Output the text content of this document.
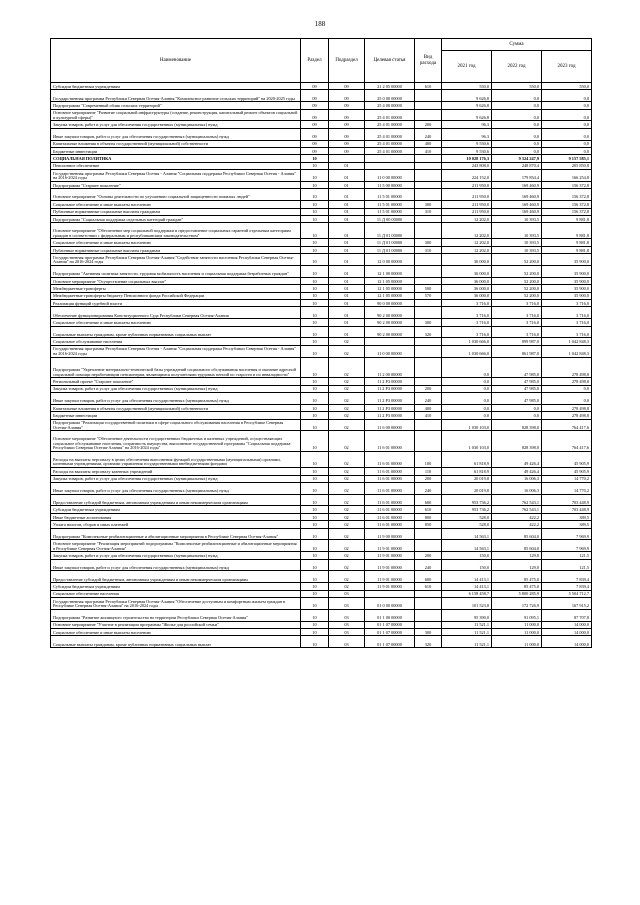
188
Наименование	Раздел	Подраздел	Целевая статья	Вид расхода	Сумма		
					2021 год	2022 год	2023 год
Субсидии бюджетным учреждениям	09	09	21 2 05 00000	610	550,0	550,0	550,0
Государственная программа Республики Северная Осетия-Алания "Комплексное развитие сельских территорий" на 2020-2025 годы	09	09	25 0 00 00000		9 626,8	0,0	0,0
Подпрограмма "Современный облик сельских территорий"	09	09	25 4 00 00000		9 626,8	0,0	0,0
Основное мероприятие "Развитие социальной инфраструктуры (создание, реконструкция, капитальный ремонт объектов социальной и культурной сферы)"	09	09	25 4 01 00000		9 626,8	0,0	0,0
Закупка товаров, работ и услуг для обеспечения государственных (муниципальных) нужд	09	09	25 4 01 00000	200	96,3	0,0	0,0
Иные закупки товаров, работ и услуг для обеспечения государственных (муниципальных) нужд	09	09	25 4 01 00000	240	96,3	0,0	0,0
Капитальные вложения в объекты государственной (муниципальной) собственности	09	09	25 4 01 00000	400	9 530,6	0,0	0,0
Бюджетные инвестиции	09	09	25 4 01 00000	410	9 530,6	0,0	0,0
СОЦИАЛЬНАЯ ПОЛИТИКА	10				10 028 176,3	9 324 247,9	9 157 585,1
Пенсионное обеспечение	10	01			243 808,0	248 870,4	205 850,8
Государственная программа Республики Северная Осетия - Алания "Социальная поддержка Республики Северная Осетия - Алания" на 2016-2024 годы	10	01	11 0 00 00000		224 152,0	179 854,4	166 254,8
Подпрограмма "Старшее поколение"	10	01	11 5 00 00000		211 950,0	169 460,9	156 372,8
Основное мероприятие "Основы деятельности по улучшению социальной защищенности пожилых людей"	10	01	11 5 01 00000		211 950,0	169 460,9	156 372,8
Социальное обеспечение и иные выплаты населению	10	01	11 5 01 00000	300	211 950,0	169 460,9	156 372,8
Публичные нормативные социальные выплаты гражданам	10	01	11 5 01 00000	310	211 950,0	169 460,9	156 372,8
Подпрограмма "Социальная поддержка отдельных категорий граждан"	10	01	11 Д 00 00000		12 202,0	10 393,5	9 881,8
Основное мероприятие "Обеспечение мер социальной поддержки и предоставление социальных гарантий отдельным категориям граждан в соответствии с федеральным и республиканским законодательством"	10	01	11 Д 01 00000		12 202,0	10 393,5	9 881,8
Социальное обеспечение и иные выплаты населению	10	01	11 Д 01 00000	300	12 202,0	10 393,5	9 881,8
Публичные нормативные социальные выплаты гражданам	10	01	11 Д 01 00000	310	12 202,0	10 393,5	9 881,8
Государственная программа Республики Северная Осетия-Алания "Содействие занятости населения Республики Северная Осетия-Алания" на 2016-2024 годы	10	01	12 0 00 00000		36 000,0	52 200,0	35 900,0
Подпрограмма "Активная политика занятости, трудовая мобильность населения и социальная поддержка безработных граждан"	10	01	12 1 00 00000		36 000,0	52 200,0	35 900,0
Основное мероприятие "Осуществление социальных выплат"	10	01	12 1 05 00000		36 000,0	52 200,0	35 900,0
Межбюджетные трансферты	10	01	12 1 05 00000	500	36 000,0	52 200,0	35 900,0
Межбюджетные трансферты бюджету Пенсионного фонда Российской Федерации	10	01	12 1 05 00000	570	36 000,0	52 200,0	35 900,0
Реализация функций судебной власти	10	01	90 0 00 00000		3 716,0	3 716,0	3 716,0
Обеспечение функционирования Конституционного Суда Республики Северная Осетия-Алания	10	01	90 2 00 00000		3 716,0	3 716,0	3 716,0
Социальное обеспечение и иные выплаты населению	10	01	90 2 00 00000	300	3 716,0	3 716,0	3 716,0
Социальные выплаты гражданам, кроме публичных нормативных социальных выплат	10	01	90 2 00 00000	320	3 716,0	3 716,0	3 716,0
Социальное обслуживание населения	10	02			1 030 666,0	899 987,0	1 042 848,3
Государственная программа Республики Северная Осетия - Алания "Социальная поддержка Республики Северная Осетия - Алания" на 2016-2024 годы	10	02	11 0 00 00000		1 030 666,0	861 987,0	1 042 848,3
Подпрограмма "Укрепление материально-технической базы учреждений социального обслуживания населения и оказание адресной социальной помощи неработающим пенсионерам, являющимся получателями трудовых пенсий по старости и по инвалидности"	10	02	11 2 00 00000		0,0	47 985,0	278 498,8
Региональный проект "Старшее поколение"	10	02	11 2 Р3 00000		0,0	47 985,0	278 498,8
Закупка товаров, работ и услуг для обеспечения государственных (муниципальных) нужд	10	02	11 2 Р3 00000	200	0,0	47 985,0	0,0
Иные закупки товаров, работ и услуг для обеспечения государственных (муниципальных) нужд	10	02	11 2 Р3 00000	240	0,0	47 985,0	0,0
Капитальные вложения в объекты государственной (муниципальной) собственности	10	02	11 2 Р3 00000	400	0,0	0,0	278 498,8
Бюджетные инвестиции	10	02	11 2 Р3 00000	410	0,0	0,0	278 498,8
Подпрограмма "Реализация государственной политики в сфере социального обслуживания населения в Республике Северная Осетия-Алания"	10	02	11 6 00 00000		1 030 103,0	828 398,0	764 417,6
Основное мероприятие "Обеспечение деятельности государственных бюджетных и казенных учреждений, осуществляющих социальное обслуживание населения, сохранность имущества, выполнение государственной программы "Социальная поддержка Республики Северная Осетия-Алания" на 2016-2024 годы"	10	02	11 6 01 00000		1 030 103,0	828 398,0	764 417,6
Расходы на выплаты персоналу в целях обеспечения выполнения функций государственными (муниципальными) органами, казенными учреждениями, органами управления государственными внебюджетными фондами	10	02	11 6 01 00000	100	61 818,9	49 426,4	45 905,9
Расходы на выплаты персоналу казенных учреждений	10	02	11 6 01 00000	110	61 818,9	49 426,4	45 905,9
Закупка товаров, работ и услуг для обеспечения государственных (муниципальных) нужд	10	02	11 6 01 00000	200	20 019,8	16 006,3	14 770,2
Иные закупки товаров, работ и услуг для обеспечения государственных (муниципальных) нужд	10	02	11 6 01 00000	240	20 019,8	16 006,3	14 770,2
Предоставление субсидий бюджетным, автономным учреждениям и иным некоммерческим организациям	10	02	11 6 01 00000	600	953 736,2	762 543,1	703 448,9
Субсидии бюджетным учреждениям	10	02	11 6 01 00000	610	953 736,2	762 543,1	703 448,9
Иные бюджетные ассигнования	10	02	11 6 01 00000	800	528,0	422,2	389,5
Уплата налогов, сборов и иных платежей	10	02	11 6 01 00000	850	528,0	422,2	389,5
Подпрограмма "Комплексные реабилитационные и абилитационные мероприятия в Республике Северная Осетия-Алания"	10	02	11 9 00 00000		14 563,1	85 604,0	7 969,9
Основное мероприятие "Реализация мероприятий подпрограммы "Комплексные реабилитационные и абилитационные мероприятия в Республике Северная Осетия-Алания"	10	02	11 9 01 00000		14 563,1	85 604,0	7 969,9
Закупка товаров, работ и услуг для обеспечения государственных (муниципальных) нужд	10	02	11 9 01 00000	200	150,0	129,0	121,5
Иные закупки товаров, работ и услуг для обеспечения государственных (муниципальных) нужд	10	02	11 9 01 00000	240	150,0	129,0	121,5
Предоставление субсидий бюджетным, автономным учреждениям и иным некоммерческим организациям	10	02	11 9 01 00000	600	14 413,1	85 475,0	7 839,4
Субсидии бюджетным учреждениям	10	02	11 9 01 00000	610	14 413,1	85 475,0	7 839,4
Социальное обеспечение населения	10	03			6 158 458,7	5 800 285,9	5 504 712,7
Государственная программа Республики Северная Осетия-Алания "Обеспечение доступным и комфортным жильем граждан в Республике Северная Осетия-Алания" на 2016-2024 годы	10	03	01 0 00 00000		101 523,8	172 726,9	167 915,2
Подпрограмма "Развитие жилищного строительства на территории Республики Северная Осетия-Алания"	10	03	01 1 00 00000		95 390,0	91 095,1	87 707,8
Основное мероприятие "Участие в реализации программы "Жилье для российской семьи"	10	03	01 1 07 00000		11 521,1	11 000,0	14 000,0
Социальное обеспечение и иные выплаты населению	10	03	01 1 07 00000	300	11 521,1	11 000,0	14 000,0
Социальные выплаты гражданам, кроме публичных нормативных социальных выплат	10	03	01 1 07 00000	320	11 521,1	11 000,0	14 000,0
